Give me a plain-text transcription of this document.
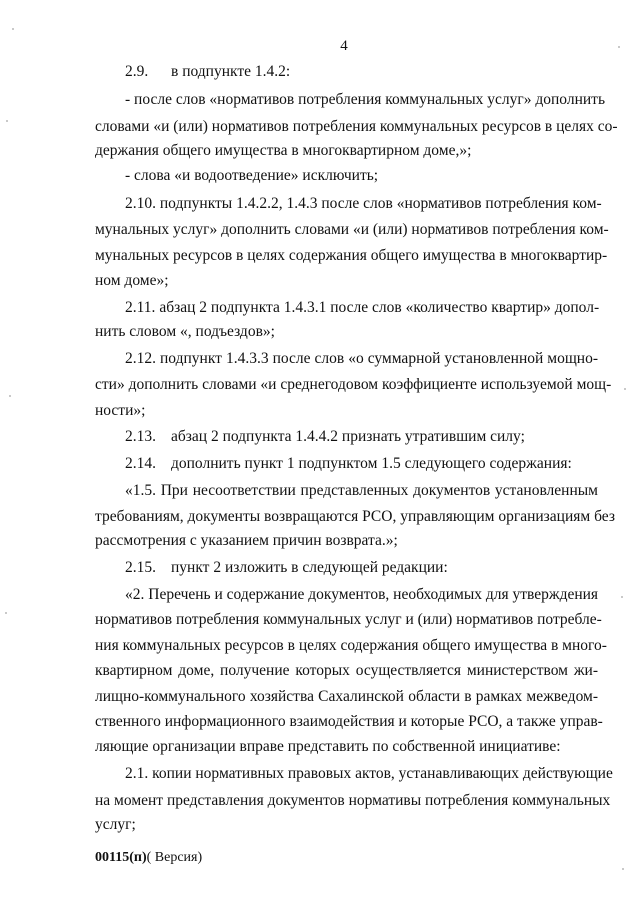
4
2.9. в подпункте 1.4.2:
- после слов «нормативов потребления коммунальных услуг» дополнить
словами «и (или) нормативов потребления коммунальных ресурсов в целях со-
держания общего имущества в многоквартирном доме,»;
- слова «и водоотведение» исключить;
2.10. подпункты 1.4.2.2, 1.4.3 после слов «нормативов потребления ком-
мунальных услуг» дополнить словами «и (или) нормативов потребления ком-
мунальных ресурсов в целях содержания общего имущества в многоквартир-
ном доме»;
2.11. абзац 2 подпункта 1.4.3.1 после слов «количество квартир» допол-
нить словом «, подъездов»;
2.12. подпункт 1.4.3.3 после слов «о суммарной установленной мощно-
сти» дополнить словами «и среднегодовом коэффициенте используемой мощ-
ности»;
2.13. абзац 2 подпункта 1.4.4.2 признать утратившим силу;
2.14. дополнить пункт 1 подпунктом 1.5 следующего содержания:
«1.5. При несоответствии представленных документов установленным
требованиям, документы возвращаются РСО, управляющим организациям без
рассмотрения с указанием причин возврата.»;
2.15. пункт 2 изложить в следующей редакции:
«2. Перечень и содержание документов, необходимых для утверждения
нормативов потребления коммунальных услуг и (или) нормативов потребле-
ния коммунальных ресурсов в целях содержания общего имущества в много-
квартирном доме, получение которых осуществляется министерством жи-
лищно-коммунального хозяйства Сахалинской области в рамках межведом-
ственного информационного взаимодействия и которые РСО, а также управ-
ляющие организации вправе представить по собственной инициативе:
2.1. копии нормативных правовых актов, устанавливающих действующие
на момент представления документов нормативы потребления коммунальных
услуг;
00115(п)( Версия)
